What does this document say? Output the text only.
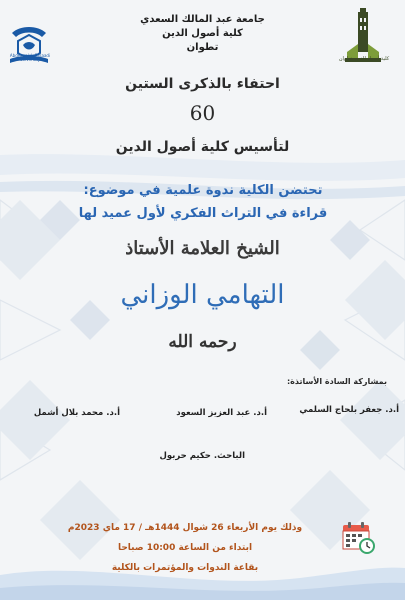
Abdelmalek Essaadi University	كلية أصول الدين بتطوان
جامعة عبد المالك السعدي
كلية أصول الدين
تطوان
احتفاء بالذكرى الستين
60
لتأسيس كلية أصول الدين
تحتضن الكلية ندوة علمية في موضوع:
قراءة في التراث الفكري لأول عميد لها
الشيخ العلامة الأستاذ
التهامي الوزاني
رحمه الله
بمشاركة السادة الأساتذة:
أ.د. جعفر بلحاج السلمي
أ.د. عبد العزيز السعود
أ.د. محمد بلال أشمل
الباحث. حكيم حربول
وذلك يوم الأربعاء 26 شوال 1444هـ / 17 ماي 2023م
ابتداء من الساعة 10:00 صباحا
بقاعة الندوات والمؤتمرات بالكلية
